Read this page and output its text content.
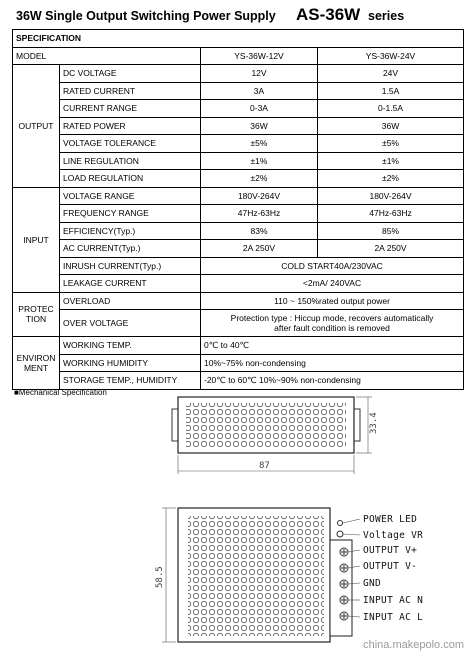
36W Single Output Switching Power Supply AS-36W series
SPECIFICATION			
MODEL		YS-36W-12V	YS-36W-24V
OUTPUT	DC VOLTAGE	12V	24V
	RATED CURRENT	3A	1.5A
	CURRENT RANGE	0-3A	0-1.5A
	RATED POWER	36W	36W
	VOLTAGE TOLERANCE	±5%	±5%
	LINE REGULATION	±1%	±1%
	LOAD REGULATION	±2%	±2%
INPUT	VOLTAGE RANGE	180V-264V	180V-264V
	FREQUENCY RANGE	47Hz-63Hz	47Hz-63Hz
	EFFICIENCY(Typ.)	83%	85%
	AC CURRENT(Typ.)	2A 250V	2A 250V
	INRUSH CURRENT(Typ.)	COLD START40A/230VAC	
	LEAKAGE CURRENT	<2mA/ 240VAC	
PROTEC
TION	OVERLOAD	110 ~ 150%rated output power	
	OVER VOLTAGE	Protection type : Hiccup mode, recovers automatically
after fault condition is removed	
ENVIRON
MENT	WORKING TEMP.	0℃ to 40℃	
	WORKING HUMIDITY	10%~75% non-condensing	
	STORAGE TEMP., HUMIDITY	-20℃ to 60℃ 10%~90% non-condensing	
■Mechanical Specification
33.4
87
58.5
POWER LED
Voltage VR
OUTPUT V+
OUTPUT V-
GND
INPUT AC N
INPUT AC L
china.makepolo.com
